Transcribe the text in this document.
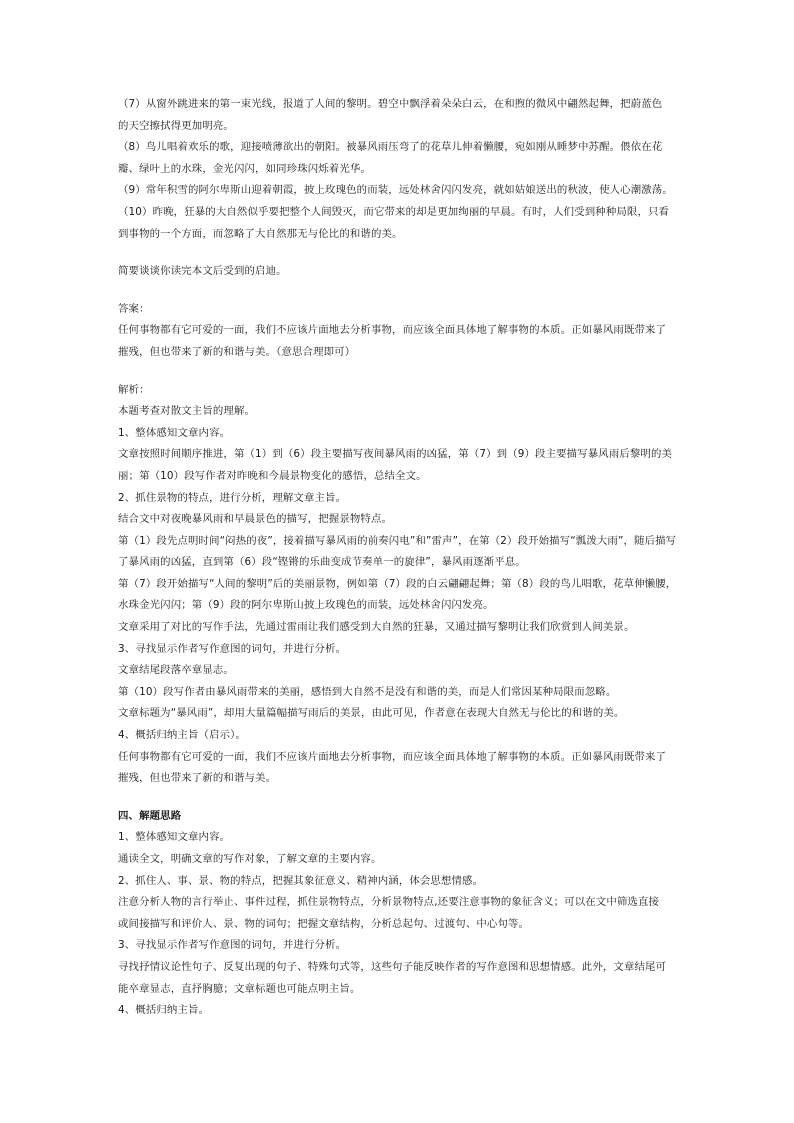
（7）从窗外跳进来的第一束光线，报道了人间的黎明。碧空中飘浮着朵朵白云，在和煦的微风中翩然起舞，把蔚蓝色
的天空擦拭得更加明亮。
（8）鸟儿唱着欢乐的歌，迎接喷薄欲出的朝阳。被暴风雨压弯了的花草儿伸着懒腰，宛如刚从睡梦中苏醒。偎依在花
瓣、绿叶上的水珠，金光闪闪，如同珍珠闪烁着光华。
（9）常年积雪的阿尔卑斯山迎着朝霞，披上玫瑰色的而装，远处林舍闪闪发亮，就如姑娘送出的秋波，使人心潮激荡。
（10）昨晚，狂暴的大自然似乎要把整个人间毁灭，而它带来的却是更加绚丽的早晨。有时，人们受到种种局限，只看
到事物的一个方面，而忽略了大自然那无与伦比的和谐的美。
简要谈谈你读完本文后受到的启迪。
答案：
任何事物都有它可爱的一面，我们不应该片面地去分析事物，而应该全面具体地了解事物的本质。正如暴风雨既带来了
摧残，但也带来了新的和谐与美。（意思合理即可）
解析：
本题考查对散文主旨的理解。
1、整体感知文章内容。
文章按照时间顺序推进，第（1）到（6）段主要描写夜间暴风雨的凶猛，第（7）到（9）段主要描写暴风雨后黎明的美
丽；第（10）段写作者对昨晚和今晨景物变化的感悟，总结全文。
2、抓住景物的特点，进行分析，理解文章主旨。
结合文中对夜晚暴风雨和早晨景色的描写，把握景物特点。
第（1）段先点明时间“闷热的夜”，接着描写暴风雨的前奏闪电”和”雷声”，在第（2）段开始描写“瓢泼大雨”，随后描写
了暴风雨的凶猛，直到第（6）段“铿锵的乐曲变成节奏单一的旋律”，暴风雨逐渐平息。
第（7）段开始描写“人间的黎明”后的美丽景物，例如第（7）段的白云翩翩起舞；第（8）段的鸟儿唱歌，花草伸懒腰，
水珠金光闪闪；第（9）段的阿尔卑斯山披上玫瑰色的而装，远处林舍闪闪发亮。
文章采用了对比的写作手法，先通过雷雨让我们感受到大自然的狂暴，又通过描写黎明让我们欣赏到人间美景。
3、寻找显示作者写作意图的词句，并进行分析。
文章结尾段落卒章显志。
第（10）段写作者由暴风雨带来的美丽，感悟到大自然不是没有和谐的美，而是人们常因某种局限而忽略。
文章标题为“暴风雨”，却用大量篇幅描写雨后的美景，由此可见，作者意在表现大自然无与伦比的和谐的美。
4、概括归纳主旨（启示）。
任何事物都有它可爱的一面，我们不应该片面地去分析事物，而应该全面具体地了解事物的本质。正如暴风雨既带来了
摧残，但也带来了新的和谐与美。
四、解题思路
1、整体感知文章内容。
通读全文，明确文章的写作对象，了解文章的主要内容。
2、抓住人、事、景、物的特点，把握其象征意义、精神内涵，体会思想情感。
注意分析人物的言行举止、事件过程，抓住景物特点，分析景物特点,还要注意事物的象征含义；可以在文中筛选直接
或间接描写和评价人、景、物的词句；把握文章结构，分析总起句、过渡句、中心句等。
3、寻找显示作者写作意图的词句，并进行分析。
寻找抒情议论性句子、反复出现的句子、特殊句式等，这些句子能反映作者的写作意图和思想情感。此外，文章结尾可
能卒章显志，直抒胸臆；文章标题也可能点明主旨。
4、概括归纳主旨。
